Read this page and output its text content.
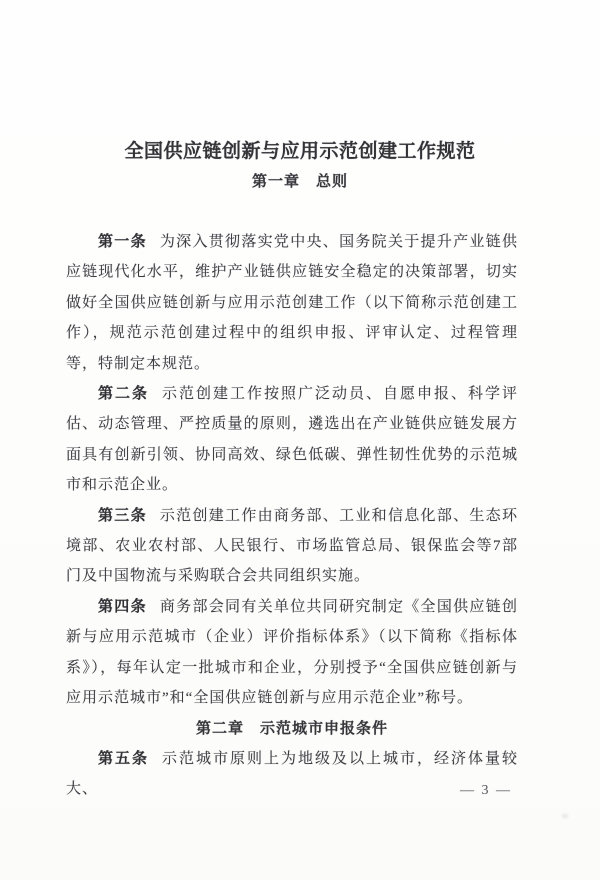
全国供应链创新与应用示范创建工作规范
第一章　总则

第一条 为深入贯彻落实党中央、国务院关于提升产业链供应链现代化水平，维护产业链供应链安全稳定的决策部署，切实做好全国供应链创新与应用示范创建工作（以下简称示范创建工作），规范示范创建过程中的组织申报、评审认定、过程管理等，特制定本规范。

第二条 示范创建工作按照广泛动员、自愿申报、科学评估、动态管理、严控质量的原则，遴选出在产业链供应链发展方面具有创新引领、协同高效、绿色低碳、弹性韧性优势的示范城市和示范企业。

第三条 示范创建工作由商务部、工业和信息化部、生态环境部、农业农村部、人民银行、市场监管总局、银保监会等7部门及中国物流与采购联合会共同组织实施。

第四条 商务部会同有关单位共同研究制定《全国供应链创新与应用示范城市（企业）评价指标体系》（以下简称《指标体系》），每年认定一批城市和企业，分别授予“全国供应链创新与应用示范城市”和“全国供应链创新与应用示范企业”称号。

第二章　示范城市申报条件

第五条 示范城市原则上为地级及以上城市，经济体量较大、	— 3 —
